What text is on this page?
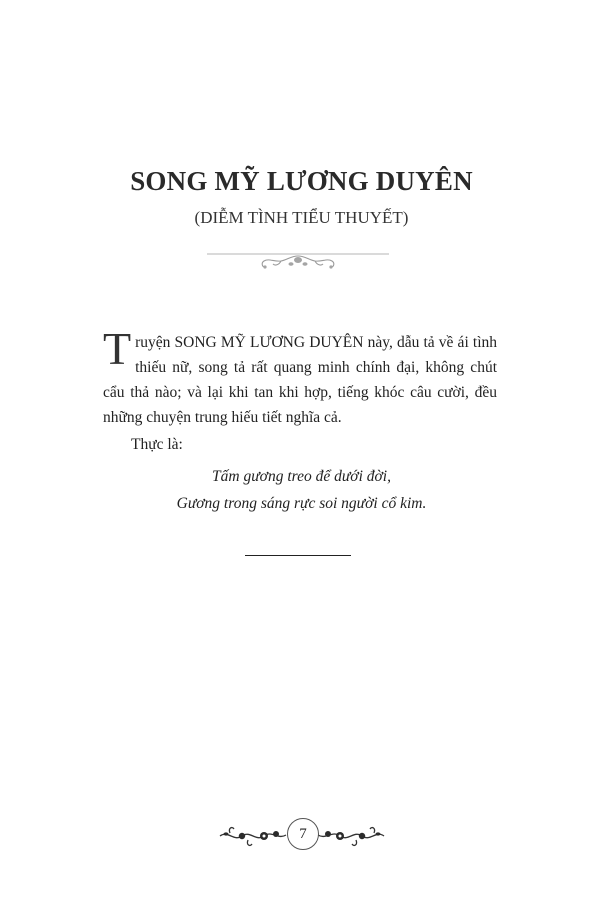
SONG MỸ LƯƠNG DUYÊN
(DIỄM TÌNH TIỂU THUYẾT)
Truyện SONG MỸ LƯƠNG DUYÊN này, dẫu tả về ái tình thiếu nữ, song tả rất quang minh chính đại, không chút cẩu thả nào; và lại khi tan khi hợp, tiếng khóc câu cười, đều những chuyện trung hiếu tiết nghĩa cả.
Thực là:
Tấm gương treo để dưới đời,
Gương trong sáng rực soi người cổ kim.
7
